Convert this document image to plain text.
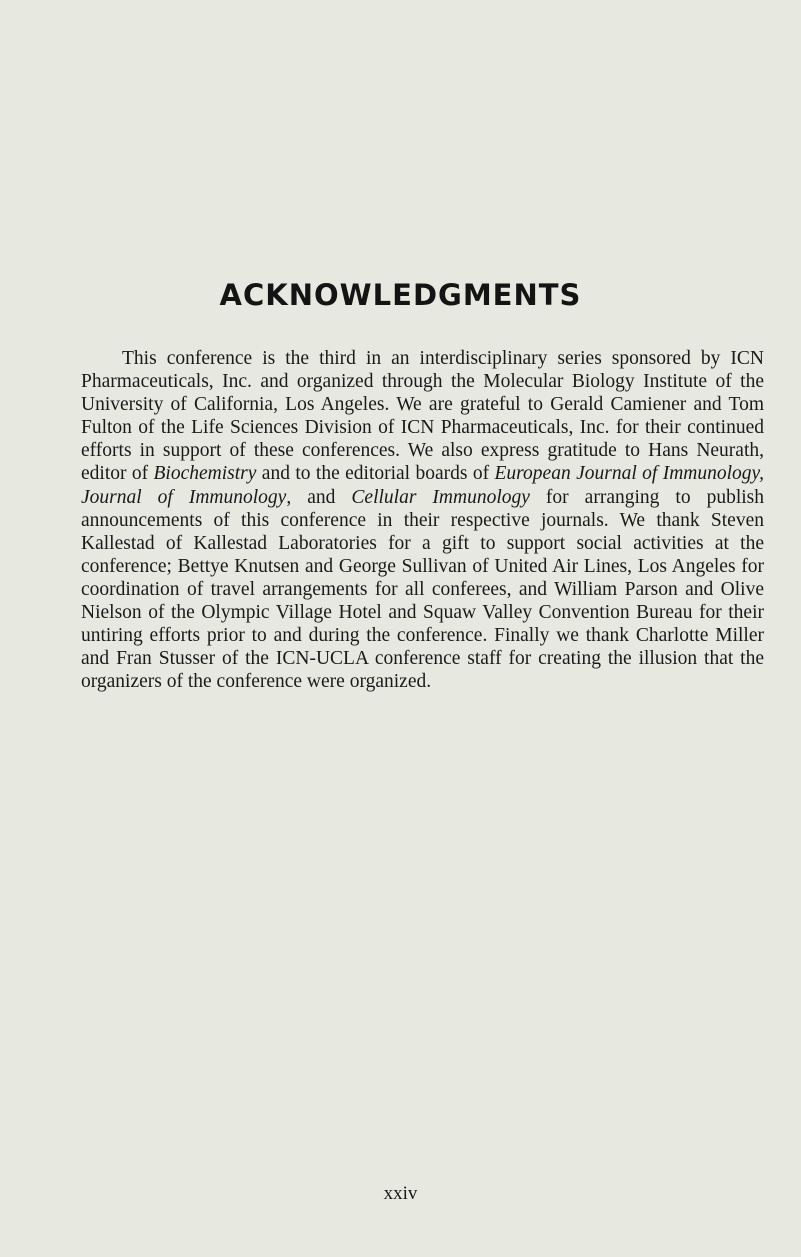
ACKNOWLEDGMENTS

This conference is the third in an interdisciplinary series sponsored by ICN Pharmaceuticals, Inc. and organized through the Molecular Biology Institute of the University of California, Los Angeles. We are grateful to Gerald Camiener and Tom Fulton of the Life Sciences Division of ICN Pharmaceuticals, Inc. for their continued efforts in support of these conferences. We also express gratitude to Hans Neurath, editor of Biochemistry and to the editorial boards of European Journal of Immunology, Journal of Immunology, and Cellular Immunology for arranging to publish announcements of this conference in their respective journals. We thank Steven Kallestad of Kallestad Laboratories for a gift to support social activities at the conference; Bettye Knutsen and George Sullivan of United Air Lines, Los Angeles for coordination of travel arrangements for all conferees, and William Parson and Olive Nielson of the Olympic Village Hotel and Squaw Valley Convention Bureau for their untiring efforts prior to and during the conference. Finally we thank Charlotte Miller and Fran Stusser of the ICN-UCLA conference staff for creating the illusion that the organizers of the conference were organized.

xxiv
